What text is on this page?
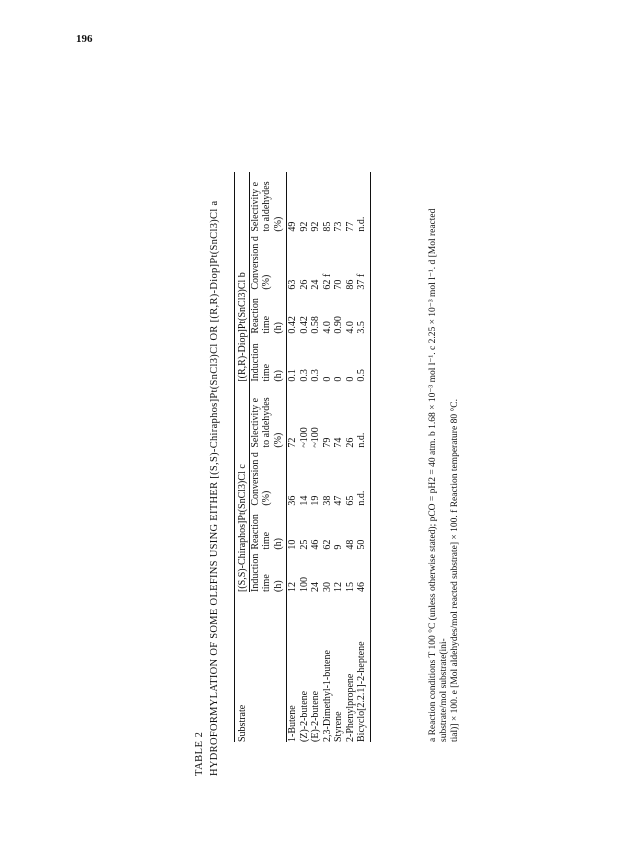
196
TABLE 2 HYDROFORMYLATION OF SOME OLEFINS USING EITHER [(S,S)-Chiraphos]Pt(SnCl3)Cl OR [(R,R)-Diop]Pt(SnCl3)Cl a Substrate	[(S,S)-Chiraphos]Pt(SnCl3)Cl c				[(R,R)-Diop]Pt(SnCl3)Cl b			
	Induction	Reaction	Conversion d	Selectivity e	Induction	Reaction	Conversion d	Selectivity e
	time	time	(%)	to aldehydes	time	time	(%)	to aldehydes
	(h)	(h)		(%)	(h)	(h)		(%)
1-Butene	12	10	36	72	0.1	0.42	63	49
(Z)-2-butene	100	25	14	~100	0.3	0.42	26	92
(E)-2-butene	24	46	19	~100	0.3	0.58	24	92
2,3-Dimethyl-1-butene	30	62	38	79	0	4.0	62 f	85
Styrene	12	9	47	74	0	0.90	70	73
2-Phenylpropene	15	48	65	26	0	4.0	86	77
Bicyclo[2.2.1]-2-heptene	46	50	n.d.	n.d.	0.5	3.5	37 f	n.d.	a Reaction conditions T 100 °C (unless otherwise stated); pCO = pH2 = 40 atm. b 1.68 × 10⁻³ mol l⁻¹. c 2.25 × 10⁻³ mol l⁻¹. d [Mol reacted substrate/mol substrate(ini- tial)] × 100. e [Mol aldehydes/mol reacted substrate] × 100. f Reaction temperature 80 °C.
